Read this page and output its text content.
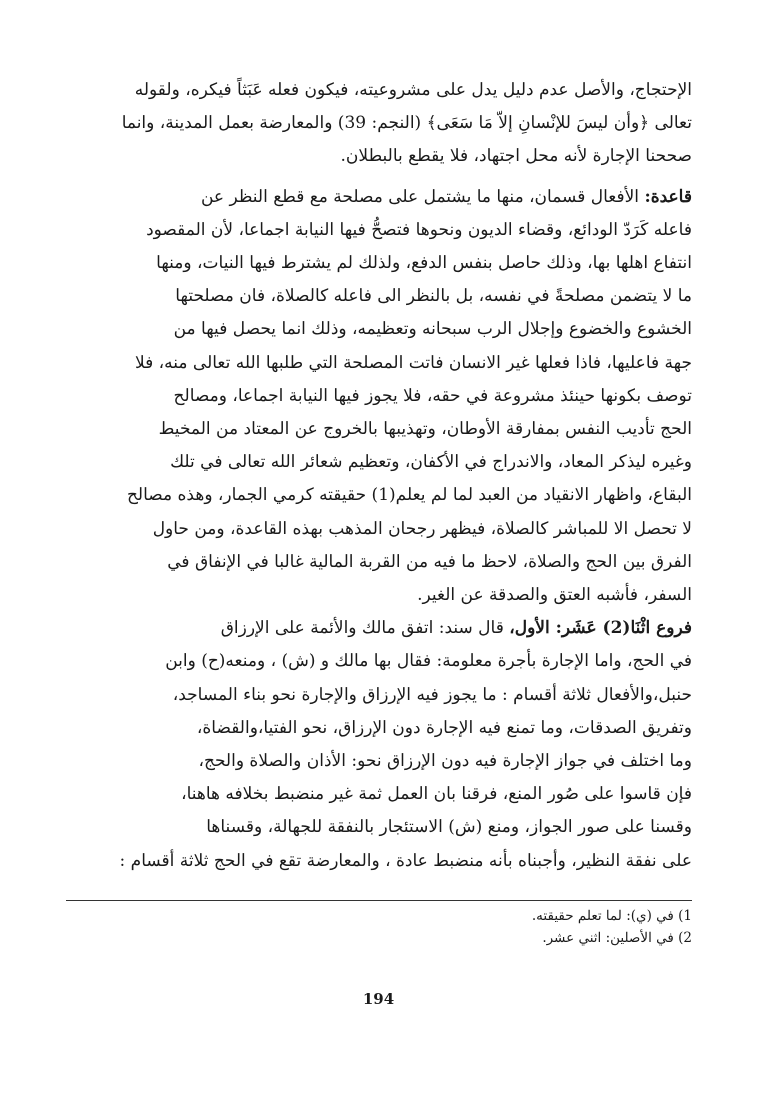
الإحتجاج، والأصل عدم دليل يدل على مشروعيته، فيكون فعله عَبَثاً فيكره، ولقوله
تعالى ﴿وأن ليسَ للإنْسانِ إلاّ مَا سَعَى﴾ (النجم: 39) والمعارضة بعمل المدينة، وانما
صححنا الإجارة لأنه محل اجتهاد، فلا يقطع بالبطلان.
قاعدة: الأفعال قسمان، منها ما يشتمل على مصلحة مع قطع النظر عن
فاعله كَرَدّ الودائع، وقضاء الديون ونحوها فتصحُّ فيها النيابة اجماعا، لأن المقصود
انتفاع اهلها بها، وذلك حاصل بنفس الدفع، ولذلك لم يشترط فيها النيات، ومنها
ما لا يتضمن مصلحةً في نفسه، بل بالنظر الى فاعله كالصلاة، فان مصلحتها
الخشوع والخضوع وإجلال الرب سبحانه وتعظيمه، وذلك انما يحصل فيها من
جهة فاعليها، فاذا فعلها غير الانسان فاتت المصلحة التي طلبها الله تعالى منه، فلا
توصف بكونها حينئذ مشروعة في حقه، فلا يجوز فيها النيابة اجماعا، ومصالح
الحج تأديب النفس بمفارقة الأوطان، وتهذيبها بالخروج عن المعتاد من المخيط
وغيره ليذكر المعاد، والاندراج في الأكفان، وتعظيم شعائر الله تعالى في تلك
البقاع، واظهار الانقياد من العبد لما لم يعلم(1) حقيقته كرمي الجمار، وهذه مصالح
لا تحصل الا للمباشر كالصلاة، فيظهر رجحان المذهب بهذه القاعدة، ومن حاول
الفرق بين الحج والصلاة، لاحظ ما فيه من القربة المالية غالبا في الإنفاق في
السفر، فأشبه العتق والصدقة عن الغير.
فروع اثْنَا(2) عَشَر: الأول، قال سند: اتفق مالك والأئمة على الإرزاق
في الحج، واما الإجارة بأجرة معلومة: فقال بها مالك و (ش) ، ومنعه(ح) وابن
حنبل،والأفعال ثلاثة أقسام : ما يجوز فيه الإرزاق والإجارة نحو بناء المساجد،
وتفريق الصدقات، وما تمنع فيه الإجارة دون الإرزاق، نحو الفتيا،والقضاة،
وما اختلف في جواز الإجارة فيه دون الإرزاق نحو: الأذان والصلاة والحج،
فإن قاسوا على صُور المنع، فرقنا بان العمل ثمة غير منضبط بخلافه هاهنا،
وقسنا على صور الجواز، ومنع (ش) الاستئجار بالنفقة للجهالة، وقسناها
على نفقة النظير، وأجبناه بأنه منضبط عادة ، والمعارضة تقع في الحج ثلاثة أقسام :
1) في (ي): لما تعلم حقيقته.
2) في الأصلين: اثني عشر.
194
